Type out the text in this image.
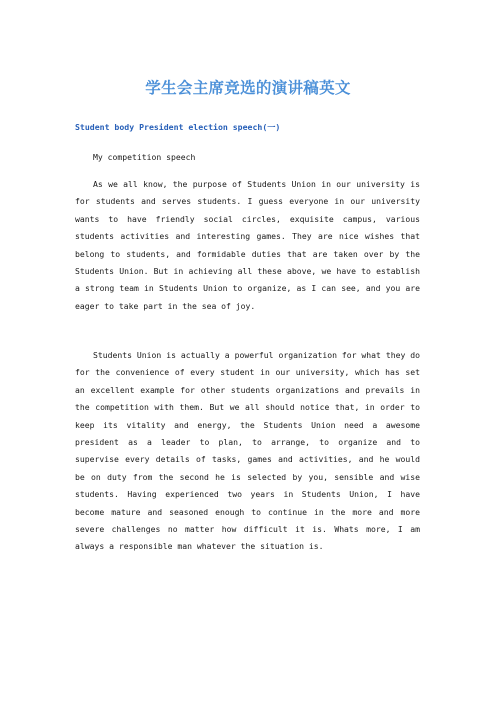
学生会主席竞选的演讲稿英文
Student body President election speech(一)

My competition speech

As we all know, the purpose of Students Union in our university is for students and serves students. I guess everyone in our university wants to have friendly social circles, exquisite campus, various students activities and interesting games. They are nice wishes that belong to students, and formidable duties that are taken over by the Students Union. But in achieving all these above, we have to establish a strong team in Students Union to organize, as I can see, and you are eager to take part in the sea of joy.

Students Union is actually a powerful organization for what they do for the convenience of every student in our university, which has set an excellent example for other students organizations and prevails in the competition with them. But we all should notice that, in order to keep its vitality and energy, the Students Union need a awesome president as a leader to plan, to arrange, to organize and to supervise every details of tasks, games and activities, and he would be on duty from the second he is selected by you, sensible and wise students. Having experienced two years in Students Union, I have become mature and seasoned enough to continue in the more and more severe challenges no matter how difficult it is. Whats more, I am always a responsible man whatever the situation is.
